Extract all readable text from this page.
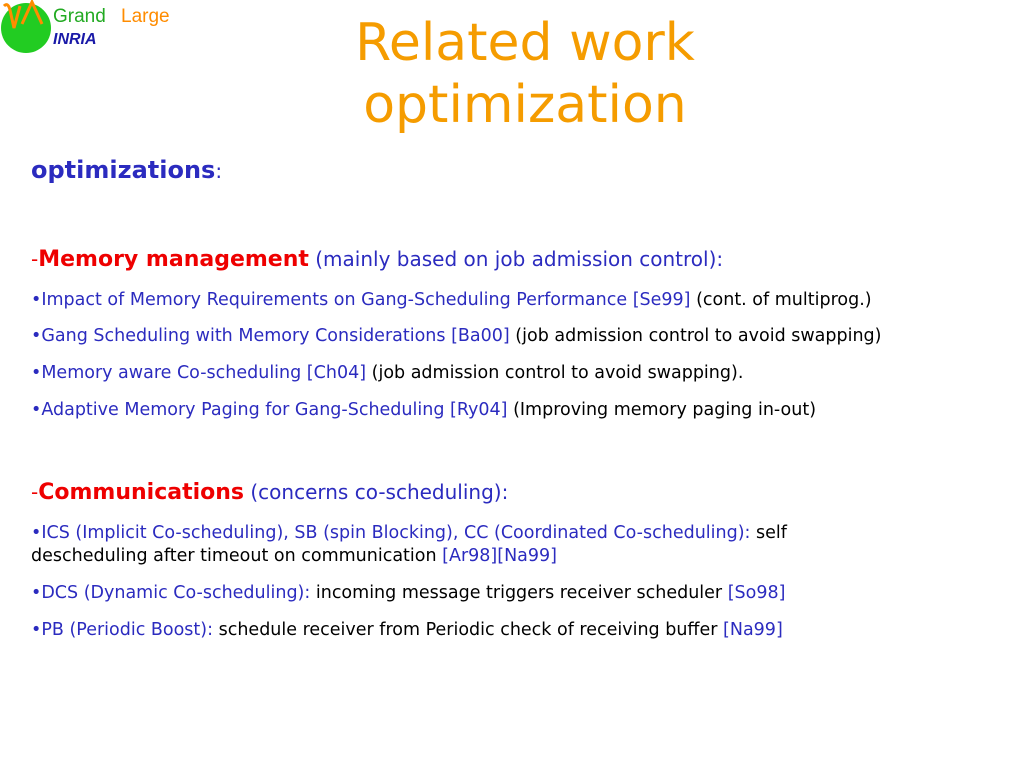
Grand Large
INRIA	Related work
optimization
optimizations:
-Memory management (mainly based on job admission control):
•Impact of Memory Requirements on Gang-Scheduling Performance [Se99] (cont. of multiprog.)
•Gang Scheduling with Memory Considerations [Ba00] (job admission control to avoid swapping)
•Memory aware Co-scheduling [Ch04] (job admission control to avoid swapping).
•Adaptive Memory Paging for Gang-Scheduling [Ry04] (Improving memory paging in-out)
-Communications (concerns co-scheduling):
•ICS (Implicit Co-scheduling), SB (spin Blocking), CC (Coordinated Co-scheduling): self
descheduling after timeout on communication [Ar98][Na99]
•DCS (Dynamic Co-scheduling): incoming message triggers receiver scheduler [So98]
•PB (Periodic Boost): schedule receiver from Periodic check of receiving buffer [Na99]
